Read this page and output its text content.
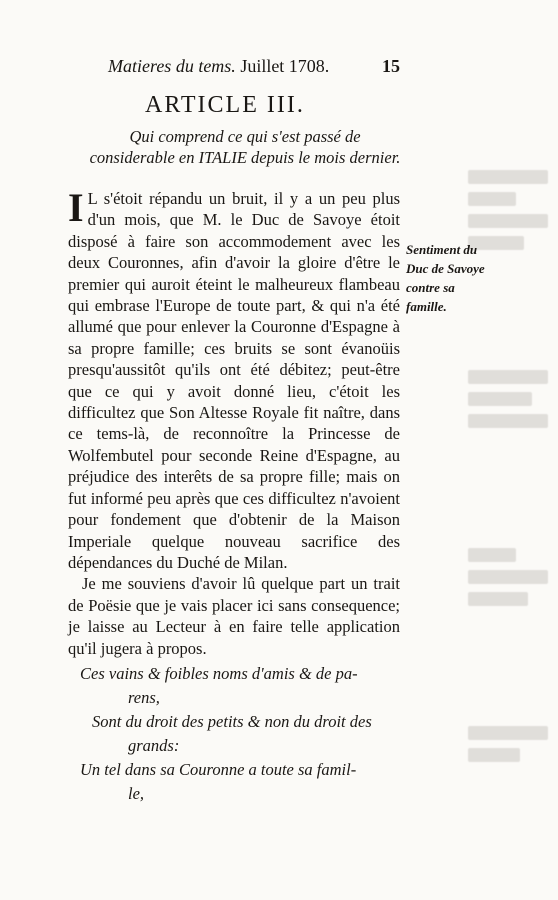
Matieres du tems. Juillet 1708.	15
ARTICLE III.
Qui comprend ce qui s'est passé de considerable en ITALIE depuis le mois dernier.

I L s'étoit répandu un bruit, il y a un peu plus d'un mois, que M. le Duc de Savoye étoit disposé à faire son accommodement avec les deux Couronnes, afin d'avoir la gloire d'être le premier qui auroit éteint le malheureux flambeau qui embrase l'Europe de toute part, & qui n'a été allumé que pour enlever la Couronne d'Espagne à sa propre famille; ces bruits se sont évanoüis presqu'aussitôt qu'ils ont été débitez; peut-être que ce qui y avoit donné lieu, c'étoit les difficultez que Son Altesse Royale fit naître, dans ce tems-là, de reconnoître la Princesse de Wolfembutel pour seconde Reine d'Espagne, au préjudice des interêts de sa propre fille; mais on fut informé peu après que ces difficultez n'avoient pour fondement que d'obtenir de la Maison Imperiale quelque nouveau sacrifice des dépendances du Duché de Milan.

Je me souviens d'avoir lû quelque part un trait de Poësie que je vais placer ici sans consequence; je laisse au Lecteur à en faire telle application qu'il jugera à propos.

Sentiment du Duc de Savoye contre sa famille.
Ces vains & foibles noms d'amis & de pa-
rens,
Sont du droit des petits & non du droit des
grands:
Un tel dans sa Couronne a toute sa famil-
le,
